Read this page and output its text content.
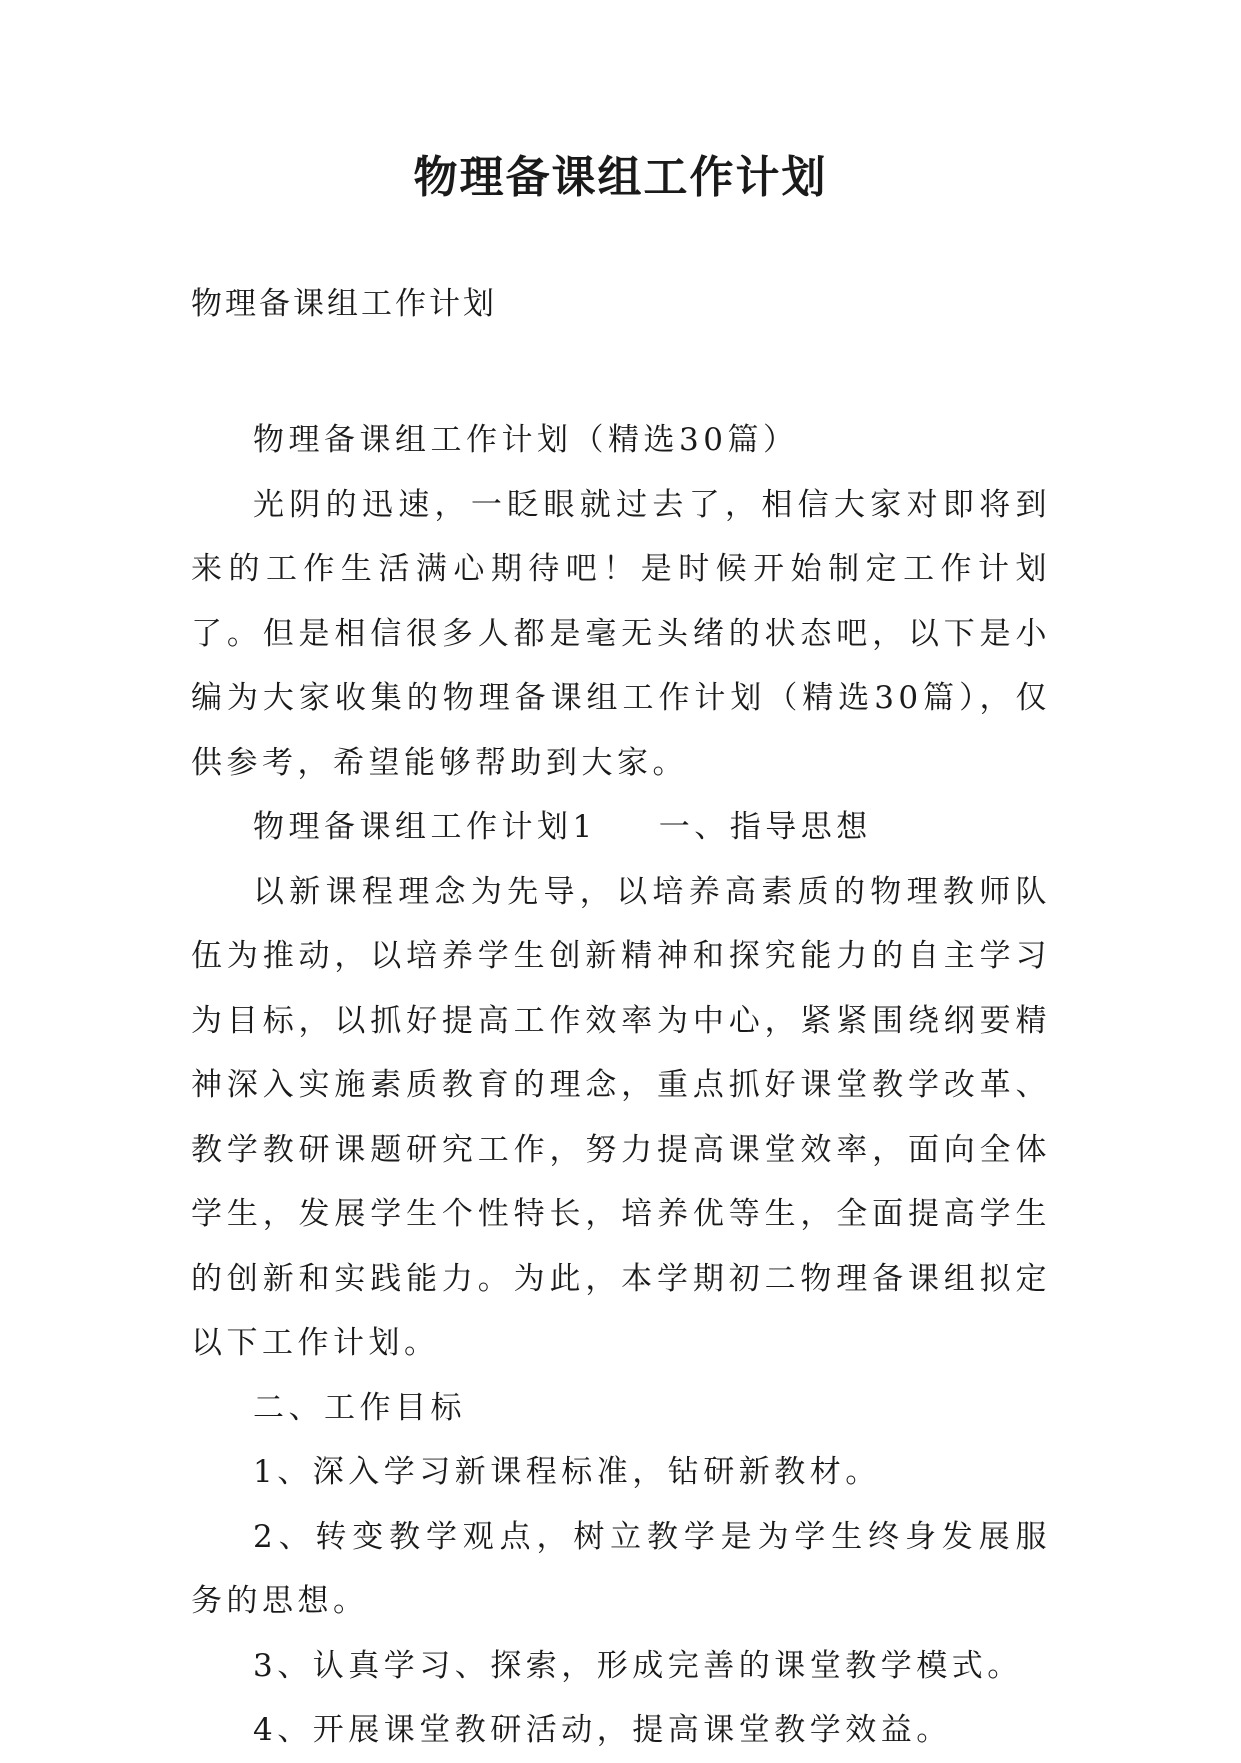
物理备课组工作计划

物理备课组工作计划

物理备课组工作计划（精选30篇）

光阴的迅速，一眨眼就过去了，相信大家对即将到来的工作生活满心期待吧！是时候开始制定工作计划了。但是相信很多人都是毫无头绪的状态吧，以下是小编为大家收集的物理备课组工作计划（精选30篇），仅供参考，希望能够帮助到大家。

物理备课组工作计划1 一、指导思想

以新课程理念为先导，以培养高素质的物理教师队伍为推动，以培养学生创新精神和探究能力的自主学习为目标，以抓好提高工作效率为中心，紧紧围绕纲要精神深入实施素质教育的理念，重点抓好课堂教学改革、教学教研课题研究工作，努力提高课堂效率，面向全体学生，发展学生个性特长，培养优等生，全面提高学生的创新和实践能力。为此，本学期初二物理备课组拟定以下工作计划。

二、工作目标

1、深入学习新课程标准，钻研新教材。

2、转变教学观点，树立教学是为学生终身发展服务的思想。

3、认真学习、探索，形成完善的课堂教学模式。

4、开展课堂教研活动，提高课堂教学效益。
